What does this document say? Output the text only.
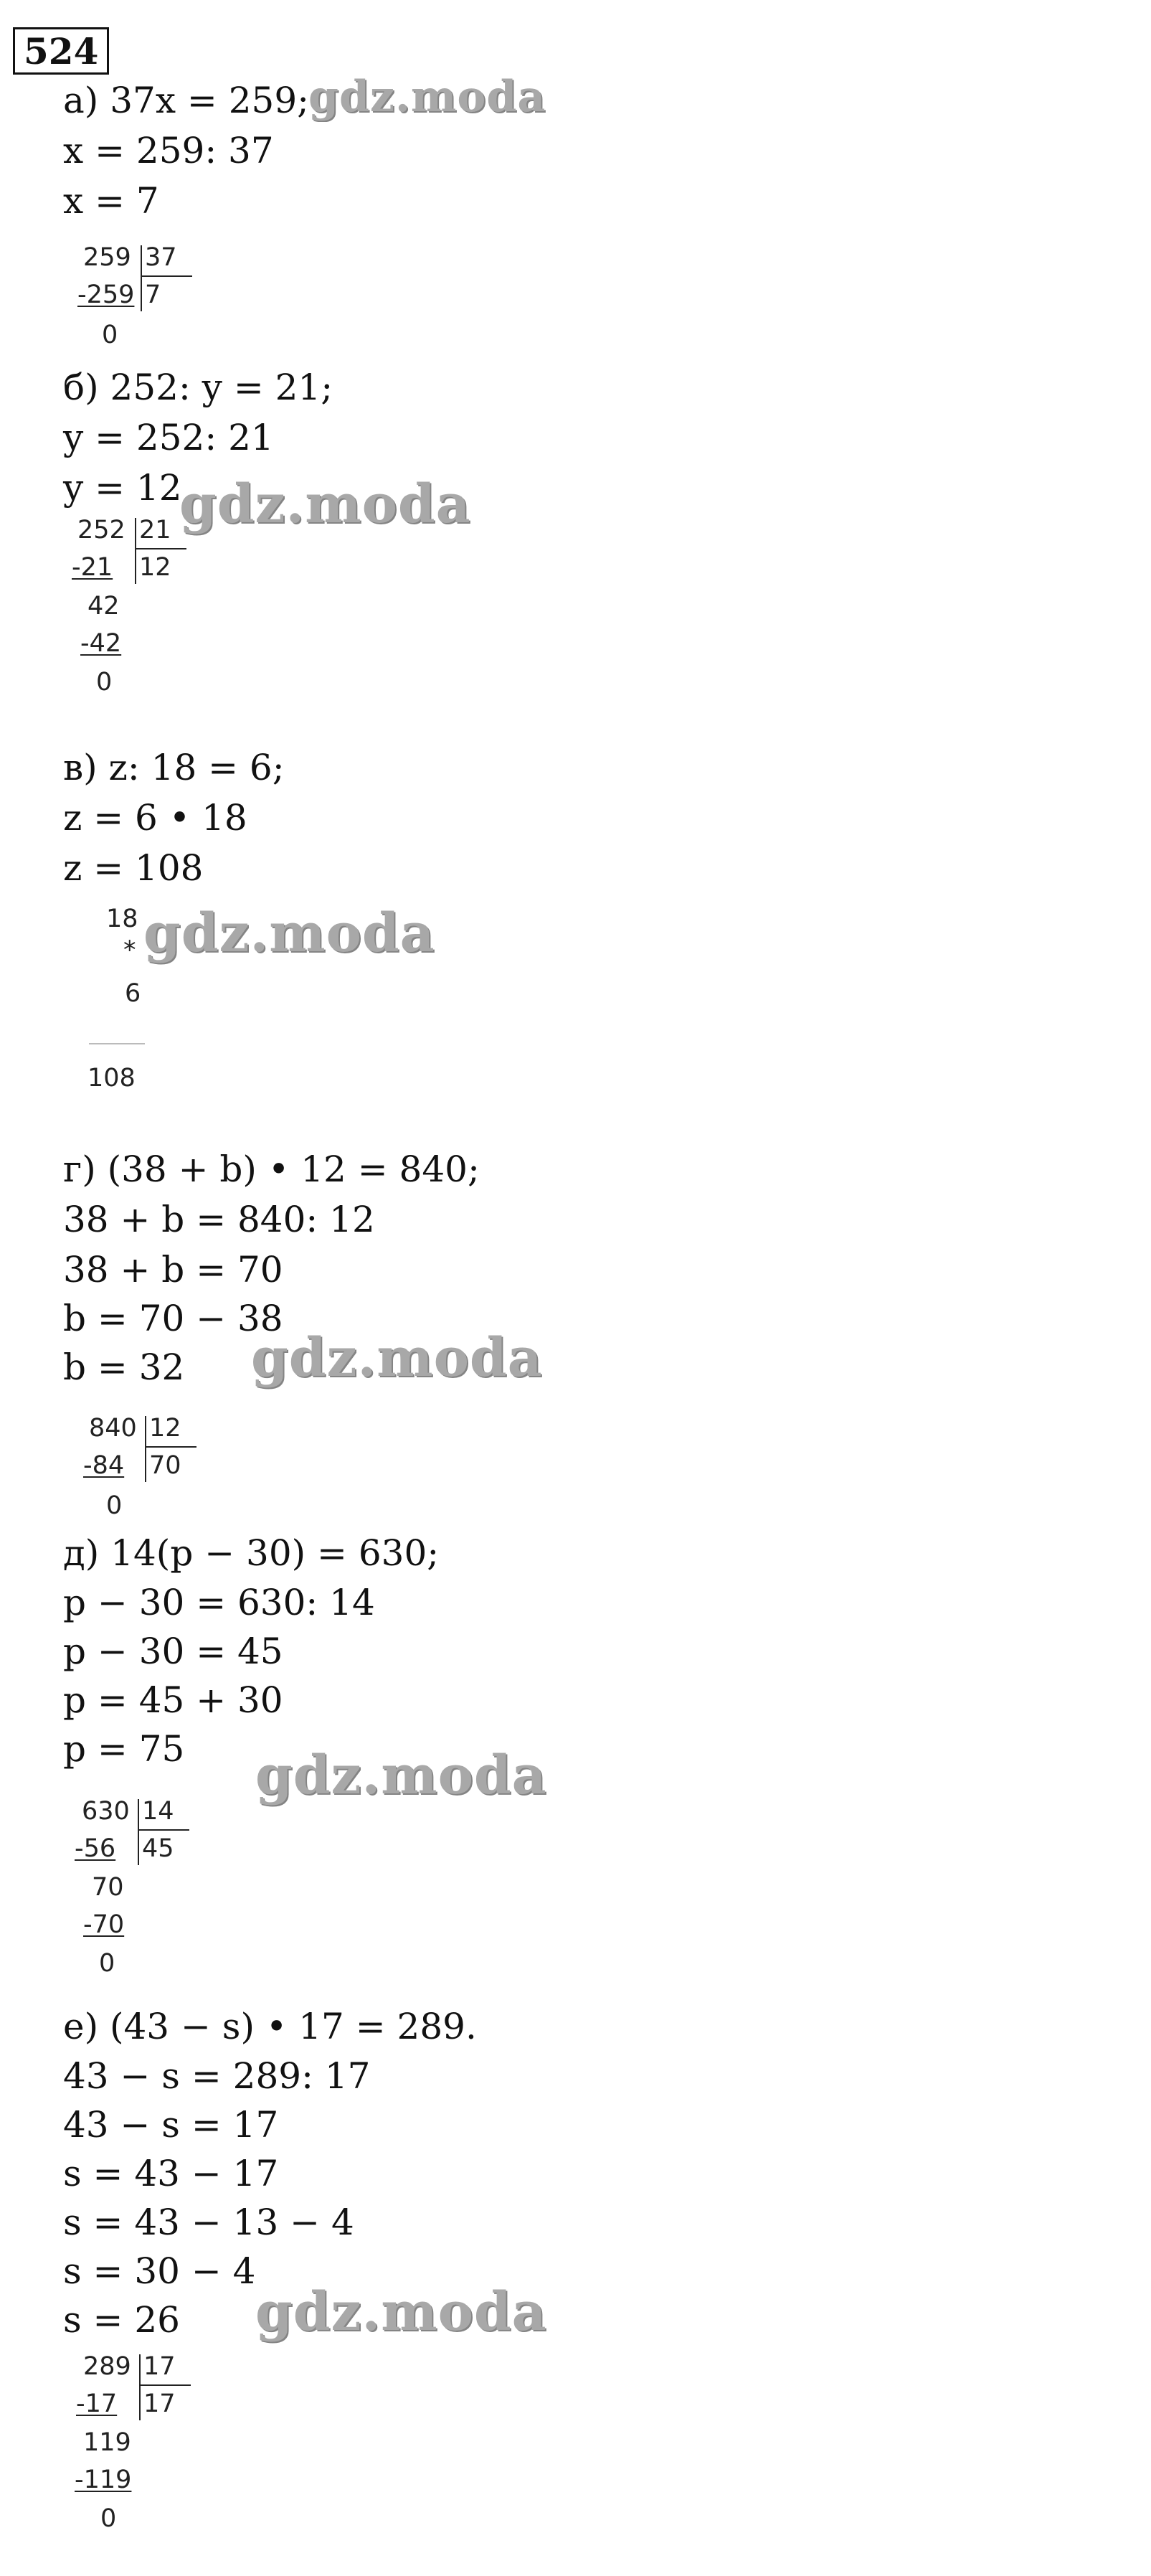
524

а) 37x = 259;

x = 259: 37

x = 7

259 37
-259 7
0

б) 252: y = 21;

y = 252: 21

y = 12

252 21
-21 12
42
-42
0

в) z: 18 = 6;

z = 6 • 18

z = 108

18
*
6
108

г) (38 + b) • 12 = 840;

38 + b = 840: 12

38 + b = 70

b = 70 − 38

b = 32

840 12
-84 70
0

д) 14(p − 30) = 630;

p − 30 = 630: 14

p − 30 = 45

p = 45 + 30

p = 75

630 14
-56 45
70
-70
0

е) (43 − s) • 17 = 289.

43 − s = 289: 17

43 − s = 17

s = 43 − 17

s = 43 − 13 − 4

s = 30 − 4

s = 26

289 17
-17 17
119
-119
0
gdz.moda
gdz.moda
gdz.moda
gdz.moda
gdz.moda
gdz.moda
